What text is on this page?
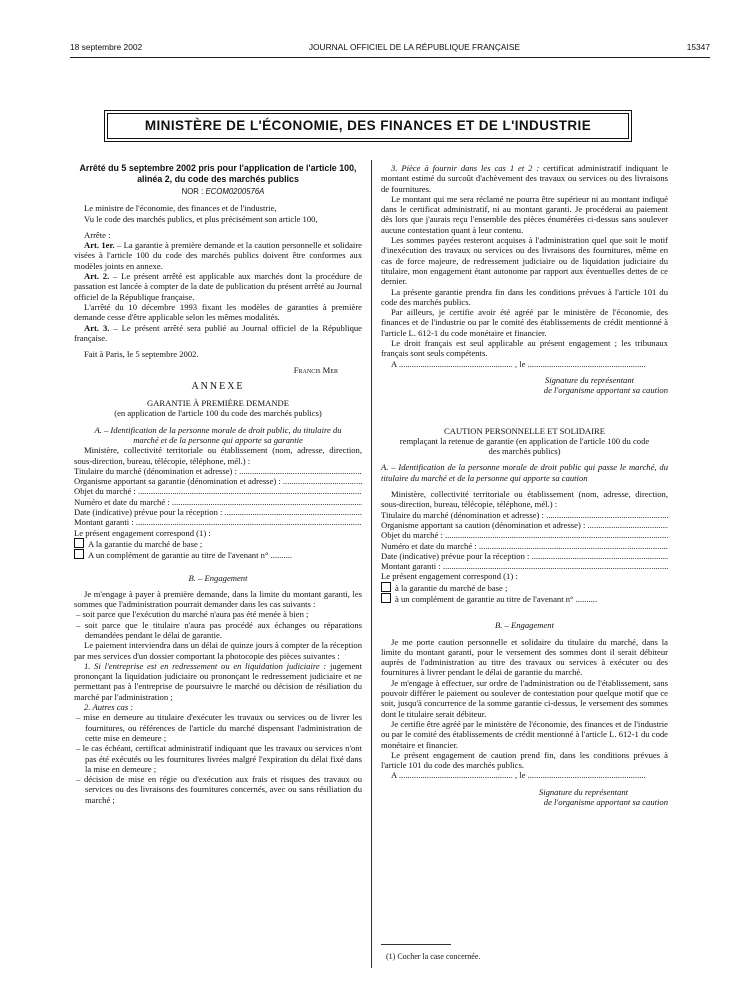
18 septembre 2002	JOURNAL OFFICIEL DE LA RÉPUBLIQUE FRANÇAISE	15347
MINISTÈRE DE L'ÉCONOMIE, DES FINANCES ET DE L'INDUSTRIE

Arrêté du 5 septembre 2002 pris pour l'application de l'article 100, alinéa 2, du code des marchés publics

NOR : ECOM0200576A

Le ministre de l'économie, des finances et de l'industrie,

Vu le code des marchés publics, et plus précisément son article 100,

Arrête :

Art. 1er. – La garantie à première demande et la caution personnelle et solidaire visées à l'article 100 du code des marchés publics doivent être conformes aux modèles joints en annexe.

Art. 2. – Le présent arrêté est applicable aux marchés dont la procédure de passation est lancée à compter de la date de publication du présent arrêté au Journal officiel de la République française.

L'arrêté du 10 décembre 1993 fixant les modèles de garanties à première demande cesse d'être applicable selon les mêmes modalités.

Art. 3. – Le présent arrêté sera publié au Journal officiel de la République française.

Fait à Paris, le 5 septembre 2002.

Francis Mer

ANNEXE

GARANTIE À PREMIÈRE DEMANDE

(en application de l'article 100 du code des marchés publics)

A. – Identification de la personne morale de droit public, du titulaire du marché et de la personne qui apporte sa garantie

Ministère, collectivité territoriale ou établissement (nom, adresse, direction, sous-direction, bureau, télécopie, téléphone, mél.) :

Titulaire du marché (dénomination et adresse) : .....

Organisme apportant sa garantie (dénomination et adresse) : .....

Objet du marché : .....

Numéro et date du marché : .....

Date (indicative) prévue pour la réception : .....

Montant garanti : .....

Le présent engagement correspond (1) :

A la garantie du marché de base ;

A un complément de garantie au titre de l'avenant n° ..........

B. – Engagement

Je m'engage à payer à première demande, dans la limite du montant garanti, les sommes que l'administration pourrait demander dans les cas suivants :

– soit parce que l'exécution du marché n'aura pas été menée à bien ;

– soit parce que le titulaire n'aura pas procédé aux échanges ou réparations demandées pendant le délai de garantie.

Le paiement interviendra dans un délai de quinze jours à compter de la réception par mes services d'un dossier comportant la photocopie des pièces suivantes :

1. Si l'entreprise est en redressement ou en liquidation judiciaire : jugement prononçant la liquidation judiciaire ou prononçant le redressement judiciaire et ne permettant pas à l'entreprise de poursuivre le marché ou décision de résiliation du marché par l'administration ;

2. Autres cas :

– mise en demeure au titulaire d'exécuter les travaux ou services ou de livrer les fournitures, ou références de l'article du marché dispensant l'administration de cette mise en demeure ;

– le cas échéant, certificat administratif indiquant que les travaux ou services n'ont pas été exécutés ou les fournitures livrées malgré l'expiration du délai fixé dans la mise en demeure ;

– décision de mise en régie ou d'exécution aux frais et risques des travaux ou services ou des livraisons des fournitures concernés, avec ou sans résiliation du marché ;

3. Pièce à fournir dans les cas 1 et 2 : certificat administratif indiquant le montant estimé du surcoût d'achèvement des travaux ou services ou des livraisons de fournitures.

Le montant qui me sera réclamé ne pourra être supérieur ni au montant indiqué dans le certificat administratif, ni au montant garanti. Je procéderai au paiement dès lors que j'aurais reçu l'ensemble des pièces énumérées ci-dessus sans soulever aucune contestation quant à leur contenu.

Les sommes payées resteront acquises à l'administration quel que soit le motif d'inexécution des travaux ou services ou des livraisons des fournitures, même en cas de force majeure, de redressement judiciaire ou de liquidation judiciaire du titulaire, mon engagement étant autonome par rapport aux éventuelles dettes de ce dernier.

La présente garantie prendra fin dans les conditions prévues à l'article 101 du code des marchés publics.

Par ailleurs, je certifie avoir été agréé par le ministère de l'économie, des finances et de l'industrie ou par le comité des établissements de crédit mentionné à l'article L. 612-1 du code monétaire et financier.

Le droit français est seul applicable au présent engagement ; les tribunaux français sont seuls compétents.

A ..................................................... , le .......................................................

Signature du représentant

de l'organisme apportant sa caution

CAUTION PERSONNELLE ET SOLIDAIRE

remplaçant la retenue de garantie (en application de l'article 100 du code des marchés publics)

A. – Identification de la personne morale de droit public qui passe le marché, du titulaire du marché et de la personne qui apporte sa caution

Ministère, collectivité territoriale ou établissement (nom, adresse, direction, sous-direction, bureau, télécopie, téléphone, mél.) :

Titulaire du marché (dénomination et adresse) : .....

Organisme apportant sa caution (dénomination et adresse) : .....

Objet du marché : .....

Numéro et date du marché : .....

Date (indicative) prévue pour la réception : .....

Montant garanti : .....

Le présent engagement correspond (1) :

à la garantie du marché de base ;

à un complément de garantie au titre de l'avenant n° ..........

B. – Engagement

Je me porte caution personnelle et solidaire du titulaire du marché, dans la limite du montant garanti, pour le versement des sommes dont il serait débiteur auprès de l'administration au titre des travaux ou services à exécuter ou des fournitures à livrer pendant le délai de garantie du marché.

Je m'engage à effectuer, sur ordre de l'administration ou de l'établissement, sans pouvoir différer le paiement ou soulever de contestation pour quelque motif que ce soit, jusqu'à concurrence de la somme garantie ci-dessus, le versement des sommes dont le titulaire serait débiteur.

Je certifie être agréé par le ministère de l'économie, des finances et de l'industrie ou par le comité des établissements de crédit mentionné à l'article L. 612-1 du code monétaire et financier.

Le présent engagement de caution prend fin, dans les conditions prévues à l'article 101 du code des marchés publics.

A ..................................................... , le .......................................................

Signature du représentant

de l'organisme apportant sa caution

(1) Cocher la case concernée.
